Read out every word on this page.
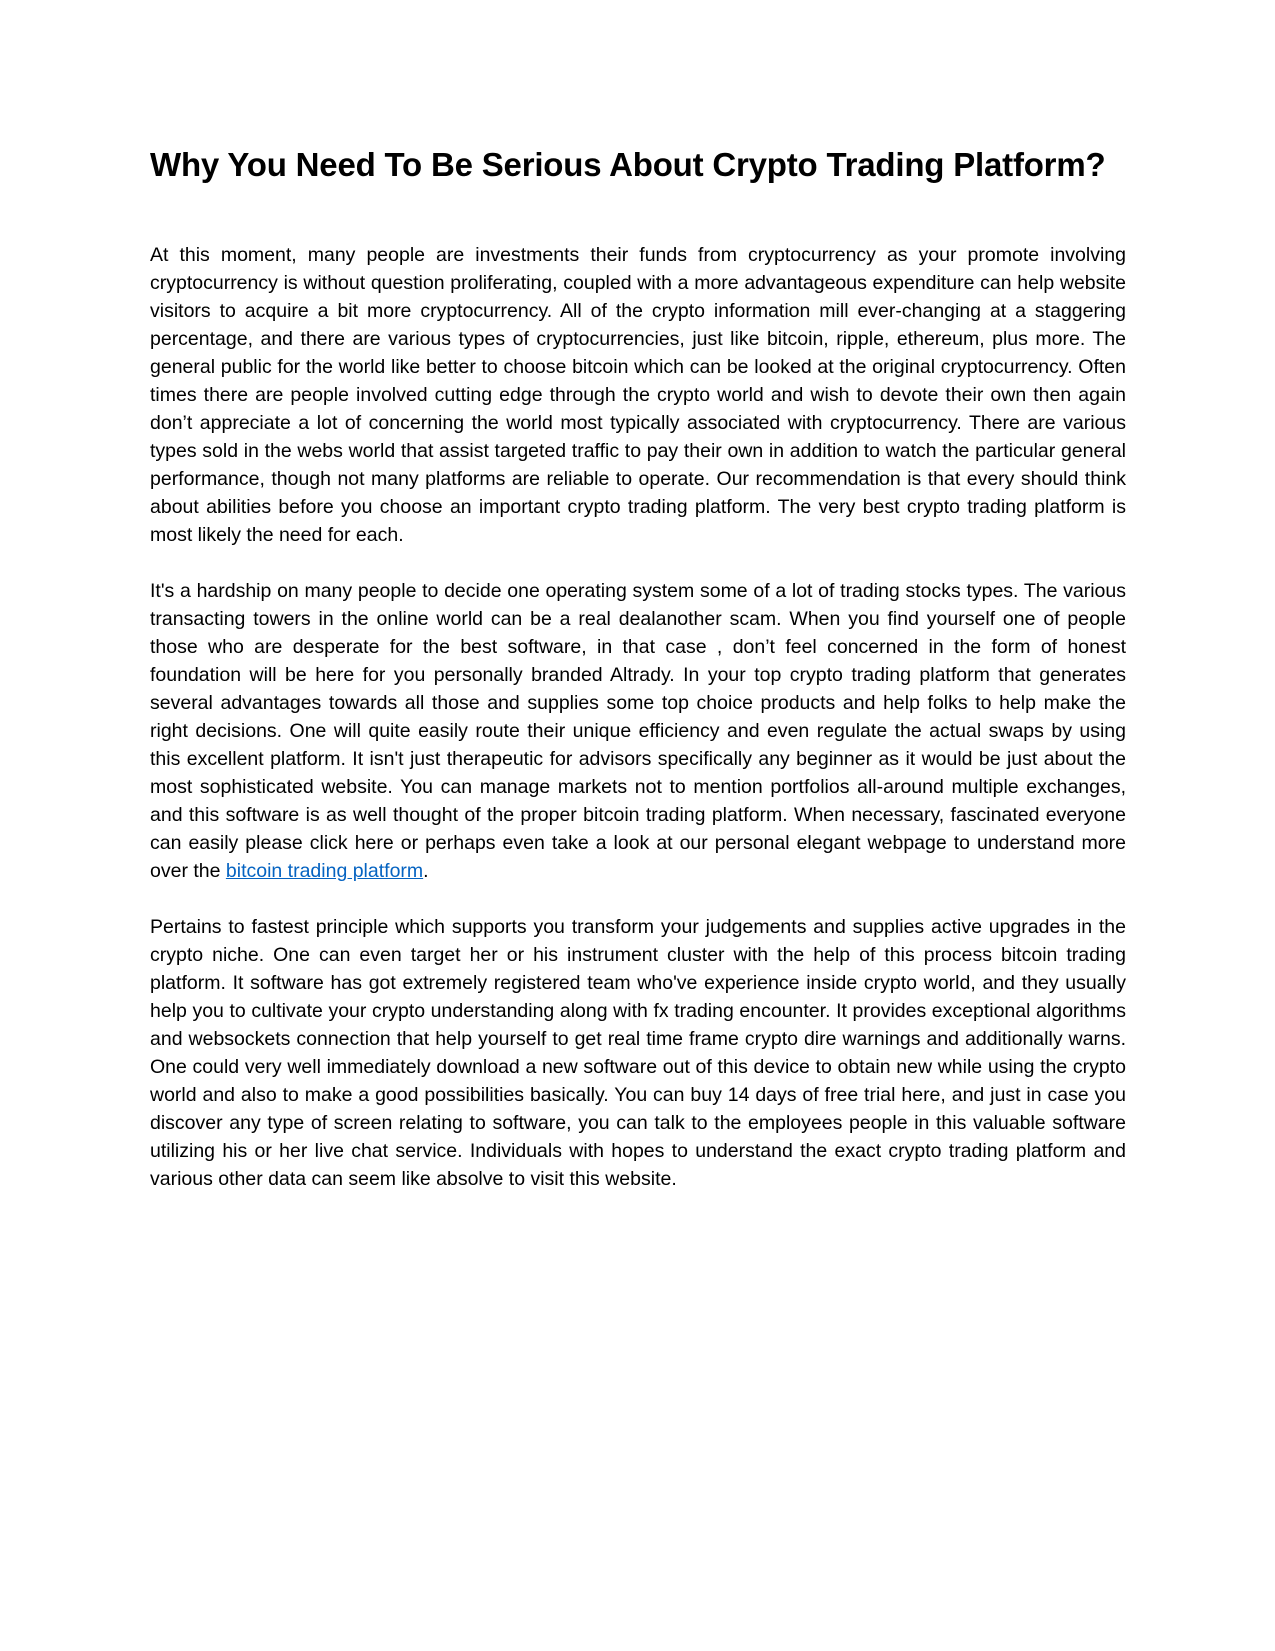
Why You Need To Be Serious About Crypto Trading Platform?

At this moment, many people are investments their funds from cryptocurrency as your promote involving cryptocurrency is without question proliferating, coupled with a more advantageous expenditure can help website visitors to acquire a bit more cryptocurrency. All of the crypto information mill ever-changing at a staggering percentage, and there are various types of cryptocurrencies, just like bitcoin, ripple, ethereum, plus more. The general public for the world like better to choose bitcoin which can be looked at the original cryptocurrency. Often times there are people involved cutting edge through the crypto world and wish to devote their own then again don’t appreciate a lot of concerning the world most typically associated with cryptocurrency. There are various types sold in the webs world that assist targeted traffic to pay their own in addition to watch the particular general performance, though not many platforms are reliable to operate. Our recommendation is that every should think about abilities before you choose an important crypto trading platform. The very best crypto trading platform is most likely the need for each.

It's a hardship on many people to decide one operating system some of a lot of trading stocks types. The various transacting towers in the online world can be a real dealanother scam. When you find yourself one of people those who are desperate for the best software, in that case , don’t feel concerned in the form of honest foundation will be here for you personally branded Altrady. In your top crypto trading platform that generates several advantages towards all those and supplies some top choice products and help folks to help make the right decisions. One will quite easily route their unique efficiency and even regulate the actual swaps by using this excellent platform. It isn't just therapeutic for advisors specifically any beginner as it would be just about the most sophisticated website. You can manage markets not to mention portfolios all-around multiple exchanges, and this software is as well thought of the proper bitcoin trading platform. When necessary, fascinated everyone can easily please click here or perhaps even take a look at our personal elegant webpage to understand more over the bitcoin trading platform.

Pertains to fastest principle which supports you transform your judgements and supplies active upgrades in the crypto niche. One can even target her or his instrument cluster with the help of this process bitcoin trading platform. It software has got extremely registered team who've experience inside crypto world, and they usually help you to cultivate your crypto understanding along with fx trading encounter. It provides exceptional algorithms and websockets connection that help yourself to get real time frame crypto dire warnings and additionally warns. One could very well immediately download a new software out of this device to obtain new while using the crypto world and also to make a good possibilities basically. You can buy 14 days of free trial here, and just in case you discover any type of screen relating to software, you can talk to the employees people in this valuable software utilizing his or her live chat service. Individuals with hopes to understand the exact crypto trading platform and various other data can seem like absolve to visit this website.
